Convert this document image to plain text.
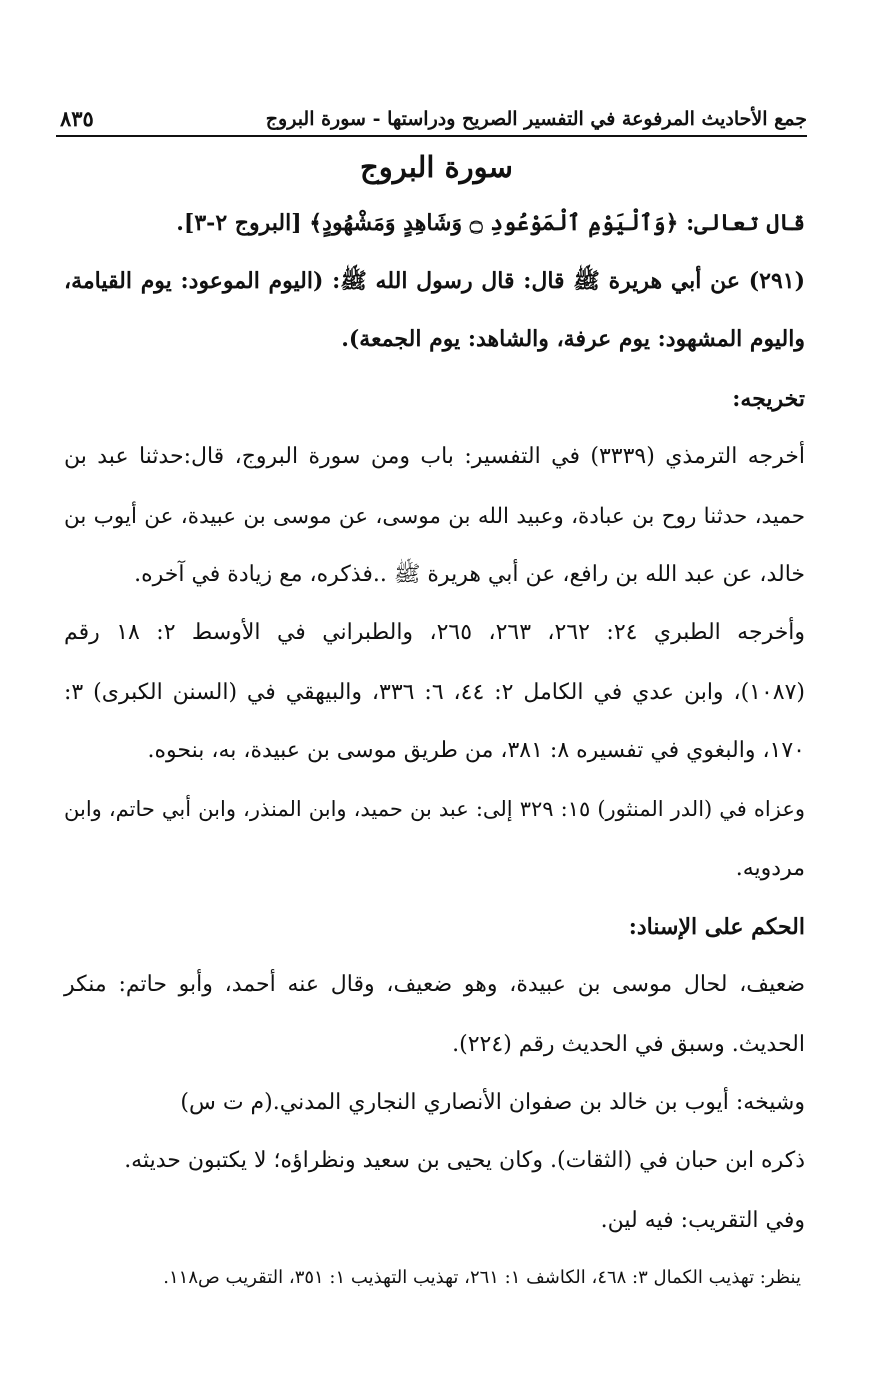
جمع الأحاديث المرفوعة في التفسير الصريح ودراستها - سورة البروج
٨٣٥
سورة البروج
قال تعالى: ﴿وَٱلْيَوْمِ ٱلْمَوْعُودِ ۝ وَشَاهِدٍ وَمَشْهُودٍ﴾ [البروج ٢-٣].
(٢٩١) عن أبي هريرة ﷺ قال: قال رسول الله ﷺ: (اليوم الموعود: يوم القيامة،
واليوم المشهود: يوم عرفة، والشاهد: يوم الجمعة).
تخريجه:
أخرجه الترمذي (٣٣٣٩) في التفسير: باب ومن سورة البروج، قال:حدثنا عبد بن
حميد، حدثنا روح بن عبادة، وعبيد الله بن موسى، عن موسى بن عبيدة، عن أيوب بن
خالد، عن عبد الله بن رافع، عن أبي هريرة ﷺ ..فذكره، مع زيادة في آخره.
وأخرجه الطبري ٢٤: ٢٦٢، ٢٦٣، ٢٦٥، والطبراني في الأوسط ٢: ١٨ رقم
(١٠٨٧)، وابن عدي في الكامل ٢: ٤٤، ٦: ٣٣٦، والبيهقي في (السنن الكبرى) ٣:
١٧٠، والبغوي في تفسيره ٨: ٣٨١، من طريق موسى بن عبيدة، به، بنحوه.
وعزاه في (الدر المنثور) ١٥: ٣٢٩ إلى: عبد بن حميد، وابن المنذر، وابن أبي حاتم، وابن
مردويه.
الحكم على الإسناد:
ضعيف، لحال موسى بن عبيدة، وهو ضعيف، وقال عنه أحمد، وأبو حاتم: منكر
الحديث. وسبق في الحديث رقم (٢٢٤).
وشيخه: أيوب بن خالد بن صفوان الأنصاري النجاري المدني.(م ت س)
ذكره ابن حبان في (الثقات). وكان يحيى بن سعيد ونظراؤه؛ لا يكتبون حديثه.
وفي التقريب: فيه لين.
ينظر: تهذيب الكمال ٣: ٤٦٨، الكاشف ١: ٢٦١، تهذيب التهذيب ١: ٣٥١، التقريب ص١١٨.
